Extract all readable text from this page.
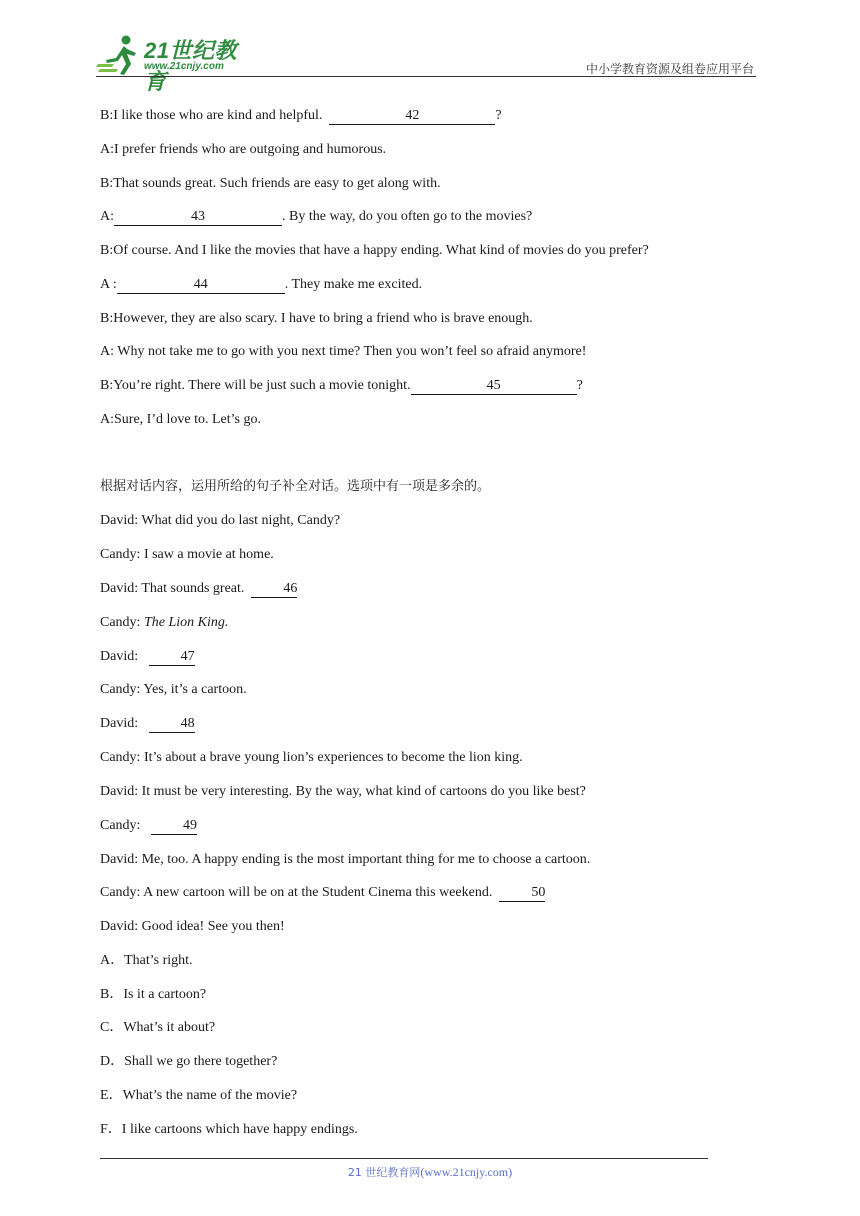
21世纪教育
www.21cnjy.com	中小学教育资源及组卷应用平台
B:I like those who are kind and helpful.	42	?
A:I prefer friends who are outgoing and humorous.
B:That sounds great. Such friends are easy to get along with.
A:	43	. By the way, do you often go to the movies?
B:Of course. And I like the movies that have a happy ending. What kind of movies do you prefer?
A :	44	. They make me excited.
B:However, they are also scary. I have to bring a friend who is brave enough.
A: Why not take me to go with you next time? Then you won’t feel so afraid anymore!
B:You’re right. There will be just such a movie tonight.	45	?
A:Sure, I’d love to. Let’s go.
根据对话内容，运用所给的句子补全对话。选项中有一项是多余的。
David: What did you do last night, Candy?
Candy: I saw a movie at home.
David: That sounds great.	46
Candy: The Lion King.
David:	47
Candy: Yes, it’s a cartoon.
David:	48
Candy: It’s about a brave young lion’s experiences to become the lion king.
David: It must be very interesting. By the way, what kind of cartoons do you like best?
Candy:	49
David: Me, too. A happy ending is the most important thing for me to choose a cartoon.
Candy: A new cartoon will be on at the Student Cinema this weekend.	50
David: Good idea! See you then!
A．That’s right.
B．Is it a cartoon?
C．What’s it about?
D．Shall we go there together?
E．What’s the name of the movie?
F．I like cartoons which have happy endings.
21 世纪教育网(www.21cnjy.com)
